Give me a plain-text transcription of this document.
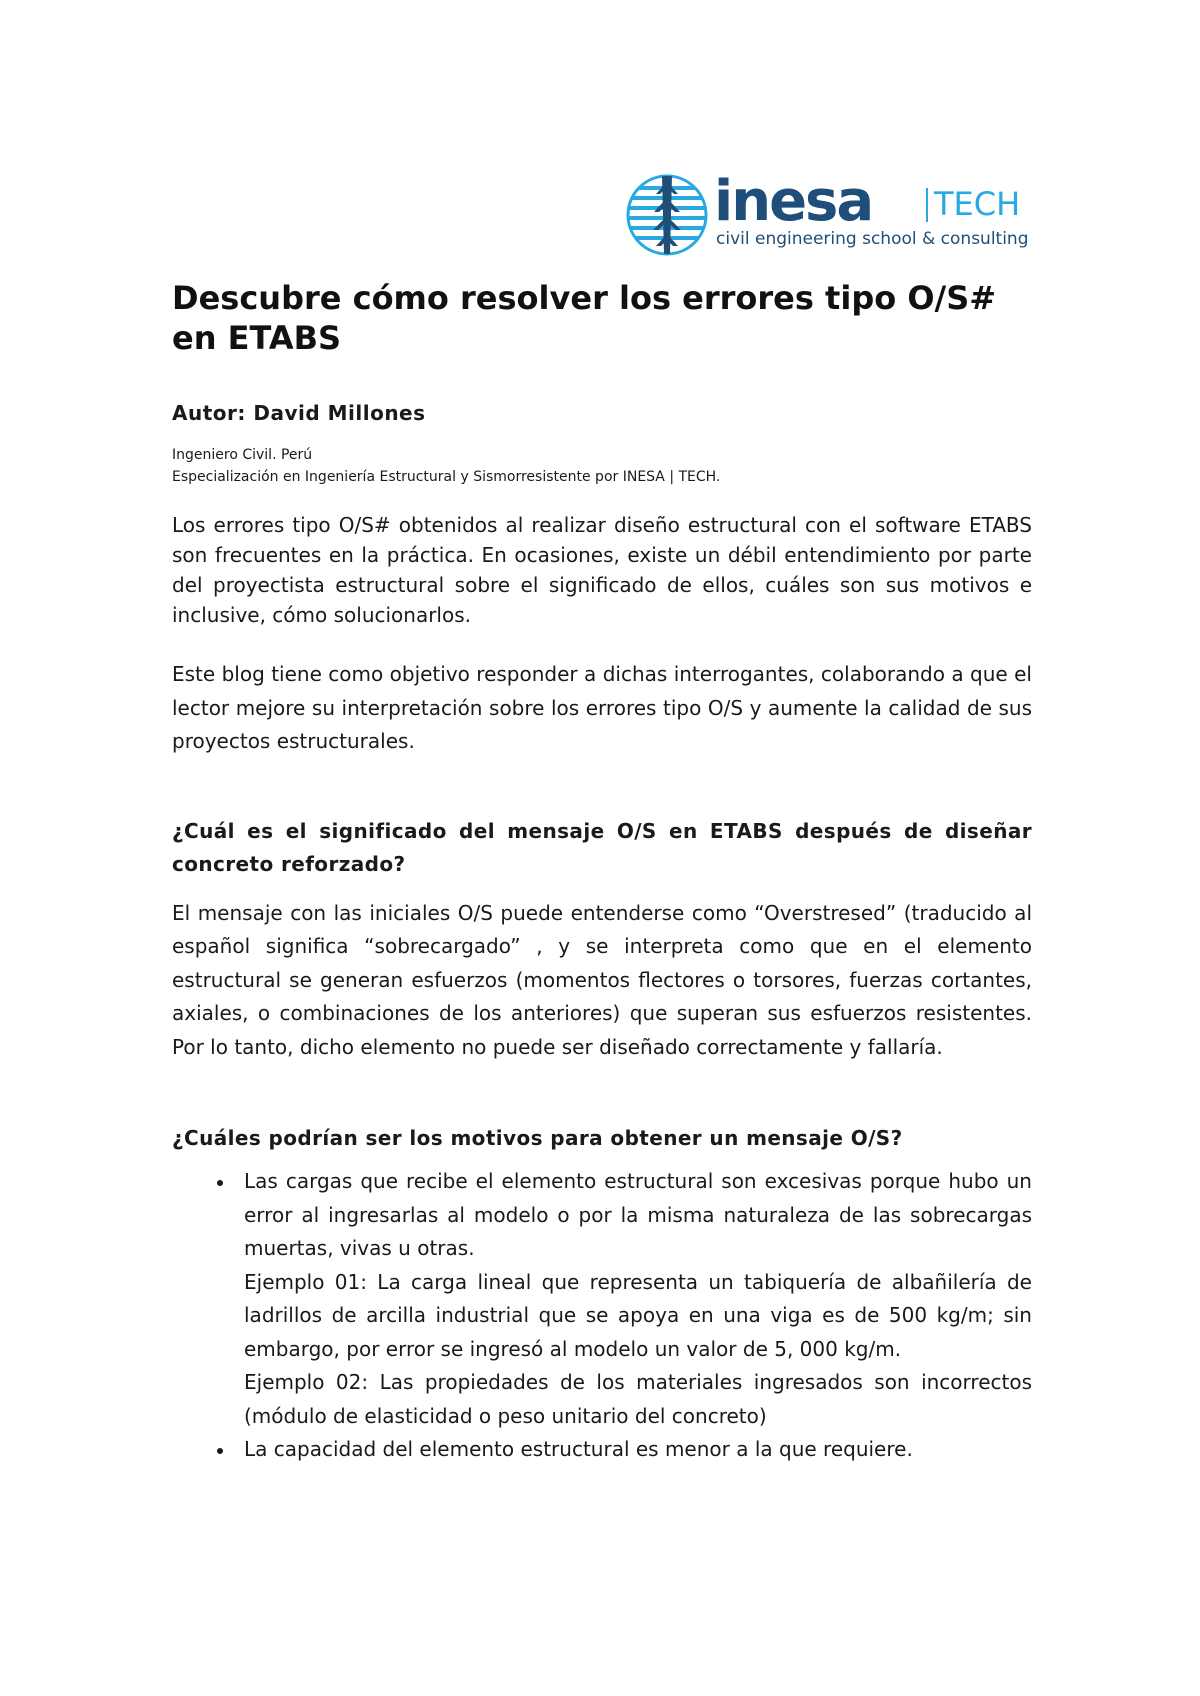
inesa TECH
civil engineering school & consulting
Descubre cómo resolver los errores tipo O/S# en ETABS
Autor: David Millones
Ingeniero Civil. Perú
Especialización en Ingeniería Estructural y Sismorresistente por INESA | TECH.

Los errores tipo O/S# obtenidos al realizar diseño estructural con el software ETABS son frecuentes en la práctica. En ocasiones, existe un débil entendimiento por parte del proyectista estructural sobre el significado de ellos, cuáles son sus motivos e inclusive, cómo solucionarlos.

Este blog tiene como objetivo responder a dichas interrogantes, colaborando a que el lector mejore su interpretación sobre los errores tipo O/S y aumente la calidad de sus proyectos estructurales.

¿Cuál es el significado del mensaje O/S en ETABS después de diseñar concreto reforzado?

El mensaje con las iniciales O/S puede entenderse como “Overstresed” (traducido al español significa “sobrecargado” , y se interpreta como que en el elemento estructural se generan esfuerzos (momentos flectores o torsores, fuerzas cortantes, axiales, o combinaciones de los anteriores) que superan sus esfuerzos resistentes. Por lo tanto, dicho elemento no puede ser diseñado correctamente y fallaría.

¿Cuáles podrían ser los motivos para obtener un mensaje O/S?

Las cargas que recibe el elemento estructural son excesivas porque hubo un error al ingresarlas al modelo o por la misma naturaleza de las sobrecargas muertas, vivas u otras.

Ejemplo 01: La carga lineal que representa un tabiquería de albañilería de ladrillos de arcilla industrial que se apoya en una viga es de 500 kg/m; sin embargo, por error se ingresó al modelo un valor de 5, 000 kg/m.

Ejemplo 02: Las propiedades de los materiales ingresados son incorrectos (módulo de elasticidad o peso unitario del concreto)

La capacidad del elemento estructural es menor a la que requiere.
